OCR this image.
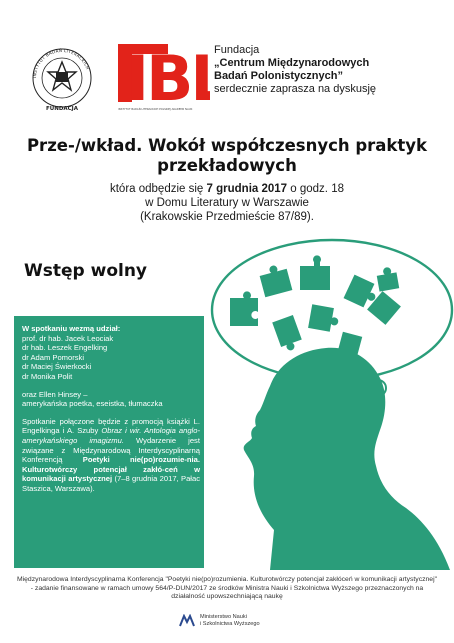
INSTYTUT BADAŃ LITERACKICH
FUNDACJA IB
INSTYTUT BADAŃ LITERACKICH POLSKIEJ AKADEMII NAUK
Fundacja
„Centrum Międzynarodowych
Badań Polonistycznych”
serdecznie zaprasza na dyskusję
Prze-/wkład. Wokół współczesnych praktyk
przekładowych
która odbędzie się 7 grudnia 2017 o godz. 18
w Domu Literatury w Warszawie
(Krakowskie Przedmieście 87/89).
Wstęp wolny
W spotkaniu wezmą udział:
prof. dr hab. Jacek Leociak
dr hab. Leszek Engelking
dr Adam Pomorski
dr Maciej Świerkocki
dr Monika Polit
oraz Ellen Hinsey –
amerykańska poetka, eseistka, tłumaczka
Spotkanie połączone będzie z promocją książki L. Engelkinga i A. Szuby Obraz i wir. Antologia anglo-amerykańskiego imagizmu. Wydarzenie jest związane z Międzynarodową Interdyscyplinarną Konferencją	Poetyki nie(po)rozumie-nia. Kulturotwórczy potencjał zakłó-ceń w komunikacji artystycznej (7–8 grudnia 2017, Pałac Staszica, Warszawa).
Międzynarodowa Interdyscyplinarna Konferencja "Poetyki nie(po)rozumienia. Kulturotwórczy potencjał zakłóceń w komunikacji artystycznej" - zadanie finansowane w ramach umowy 564/P-DUN/2017 ze środków Ministra Nauki i Szkolnictwa Wyższego przeznaczonych na działalność upowszechniającą naukę
Ministerstwo Nauki
i Szkolnictwa Wyższego
